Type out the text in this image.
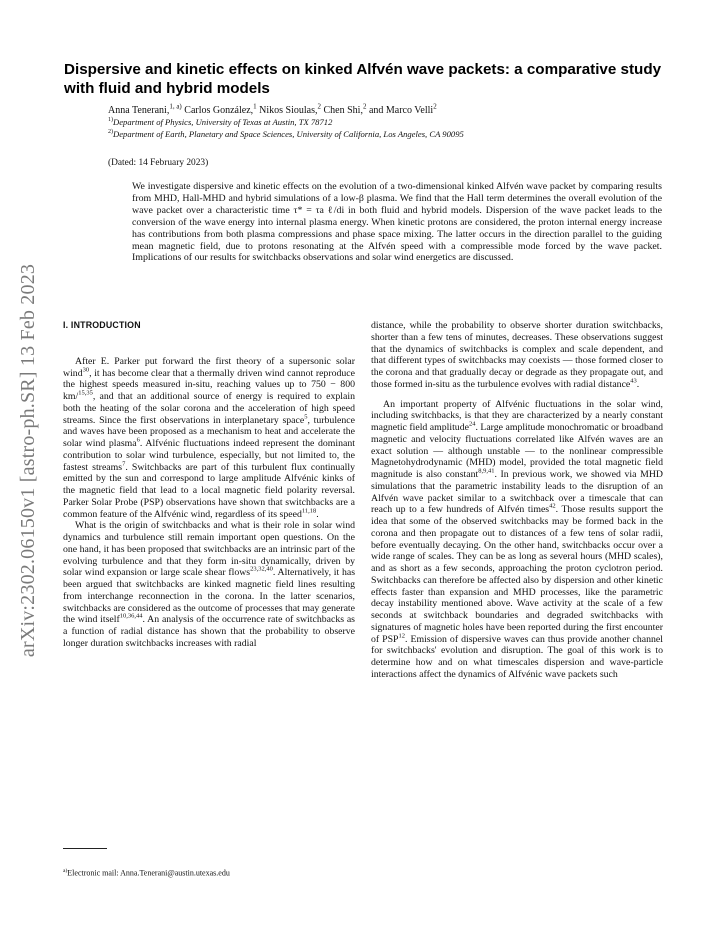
arXiv:2302.06150v1 [astro-ph.SR] 13 Feb 2023
Dispersive and kinetic effects on kinked Alfvén wave packets: a comparative study with fluid and hybrid models
Anna Tenerani,$^{1, a)}$ Carlos González,$^1$ Nikos Sioulas,$^2$ Chen Shi,$^2$ and Marco Velli$^2$
$^{1)}$Department of Physics, University of Texas at Austin, TX 78712
$^{2)}$Department of Earth, Planetary and Space Sciences, University of California, Los Angeles, CA 90095
(Dated: 14 February 2023)

We investigate dispersive and kinetic effects on the evolution of a two-dimensional kinked Alfvén wave packet by comparing results from MHD, Hall-MHD and hybrid simulations of a low-β plasma. We find that the Hall term determines the overall evolution of the wave packet over a characteristic time τ* = τa ℓ/di in both fluid and hybrid models. Dispersion of the wave packet leads to the conversion of the wave energy into internal plasma energy. When kinetic protons are considered, the proton internal energy increase has contributions from both plasma compressions and phase space mixing. The latter occurs in the direction parallel to the guiding mean magnetic field, due to protons resonating at the Alfvén speed with a compressible mode forced by the wave packet. Implications of our results for switchbacks observations and solar wind energetics are discussed.

I. INTRODUCTION

After E. Parker put forward the first theory of a supersonic solar wind$^{30}$, it has become clear that a thermally driven wind cannot reproduce the highest speeds measured in-situ, reaching values up to 750 − 800 km/$^{15,35}$, and that an additional source of energy is required to explain both the heating of the solar corona and the acceleration of high speed streams. Since the first observations in interplanetary space$^5$, turbulence and waves have been proposed as a mechanism to heat and accelerate the solar wind plasma$^6$. Alfvénic fluctuations indeed represent the dominant contribution to solar wind turbulence, especially, but not limited to, the fastest streams$^7$. Switchbacks are part of this turbulent flux continually emitted by the sun and correspond to large amplitude Alfvénic kinks of the magnetic field that lead to a local magnetic field polarity reversal. Parker Solar Probe (PSP) observations have shown that switchbacks are a common feature of the Alfvénic wind, regardless of its speed$^{11,18}$.

What is the origin of switchbacks and what is their role in solar wind dynamics and turbulence still remain important open questions. On the one hand, it has been proposed that switchbacks are an intrinsic part of the evolving turbulence and that they form in-situ dynamically, driven by solar wind expansion or large scale shear flows$^{23,32,40}$. Alternatively, it has been argued that switchbacks are kinked magnetic field lines resulting from interchange reconnection in the corona. In the latter scenarios, switchbacks are considered as the outcome of processes that may generate the wind itself$^{10,36,44}$. An analysis of the occurrence rate of switchbacks as a function of radial distance has shown that the probability to observe longer duration switchbacks increases with radial

distance, while the probability to observe shorter duration switchbacks, shorter than a few tens of minutes, decreases. These observations suggest that the dynamics of switchbacks is complex and scale dependent, and that different types of switchbacks may coexists — those formed closer to the corona and that gradually decay or degrade as they propagate out, and those formed in-situ as the turbulence evolves with radial distance$^{43}$.

An important property of Alfvénic fluctuations in the solar wind, including switchbacks, is that they are characterized by a nearly constant magnetic field amplitude$^{24}$. Large amplitude monochromatic or broadband magnetic and velocity fluctuations correlated like Alfvén waves are an exact solution — although unstable — to the nonlinear compressible Magnetohydrodynamic (MHD) model, provided the total magnetic field magnitude is also constant$^{8,9,41}$. In previous work, we showed via MHD simulations that the parametric instability leads to the disruption of an Alfvén wave packet similar to a switchback over a timescale that can reach up to a few hundreds of Alfvén times$^{42}$. Those results support the idea that some of the observed switchbacks may be formed back in the corona and then propagate out to distances of a few tens of solar radii, before eventually decaying. On the other hand, switchbacks occur over a wide range of scales. They can be as long as several hours (MHD scales), and as short as a few seconds, approaching the proton cyclotron period. Switchbacks can therefore be affected also by dispersion and other kinetic effects faster than expansion and MHD processes, like the parametric decay instability mentioned above. Wave activity at the scale of a few seconds at switchback boundaries and degraded switchbacks with signatures of magnetic holes have been reported during the first encounter of PSP$^{12}$. Emission of dispersive waves can thus provide another channel for switchbacks' evolution and disruption. The goal of this work is to determine how and on what timescales dispersion and wave-particle interactions affect the dynamics of Alfvénic wave packets such

$^{a)}$Electronic mail: Anna.Tenerani@austin.utexas.edu
